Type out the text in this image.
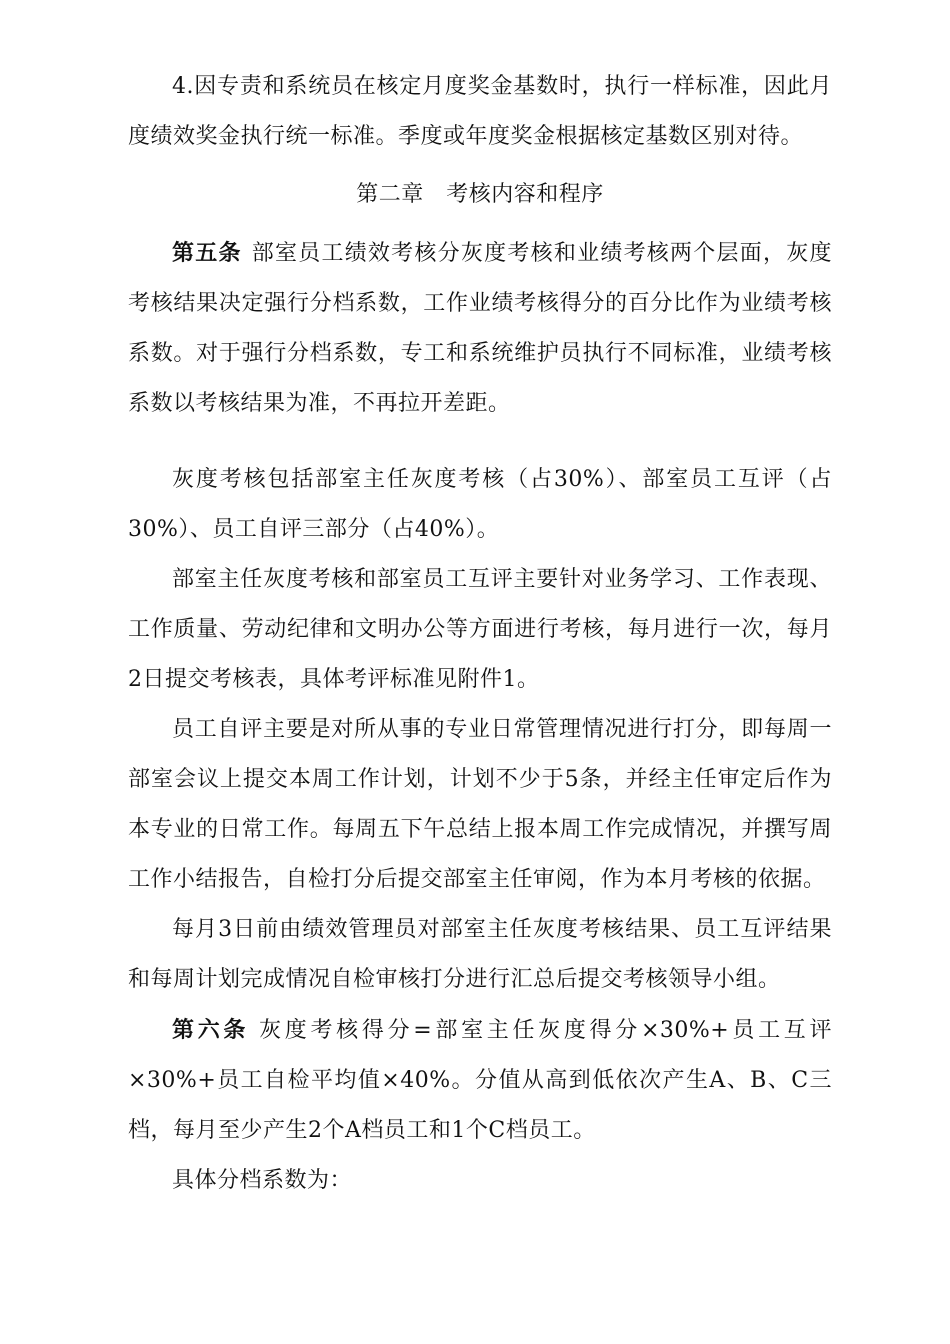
4.因专责和系统员在核定月度奖金基数时，执行一样标准，因此月度绩效奖金执行统一标准。季度或年度奖金根据核定基数区别对待。

第二章　考核内容和程序

第五条 部室员工绩效考核分灰度考核和业绩考核两个层面，灰度考核结果决定强行分档系数，工作业绩考核得分的百分比作为业绩考核系数。对于强行分档系数，专工和系统维护员执行不同标准，业绩考核系数以考核结果为准，不再拉开差距。

灰度考核包括部室主任灰度考核（占30%）、部室员工互评（占30%）、员工自评三部分（占40%）。

部室主任灰度考核和部室员工互评主要针对业务学习、工作表现、工作质量、劳动纪律和文明办公等方面进行考核，每月进行一次，每月2日提交考核表，具体考评标准见附件1。

员工自评主要是对所从事的专业日常管理情况进行打分，即每周一部室会议上提交本周工作计划，计划不少于5条，并经主任审定后作为本专业的日常工作。每周五下午总结上报本周工作完成情况，并撰写周工作小结报告，自检打分后提交部室主任审阅，作为本月考核的依据。

每月3日前由绩效管理员对部室主任灰度考核结果、员工互评结果和每周计划完成情况自检审核打分进行汇总后提交考核领导小组。

第六条 灰度考核得分=部室主任灰度得分×30%+员工互评×30%+员工自检平均值×40%。分值从高到低依次产生A、B、C三档，每月至少产生2个A档员工和1个C档员工。

具体分档系数为：
